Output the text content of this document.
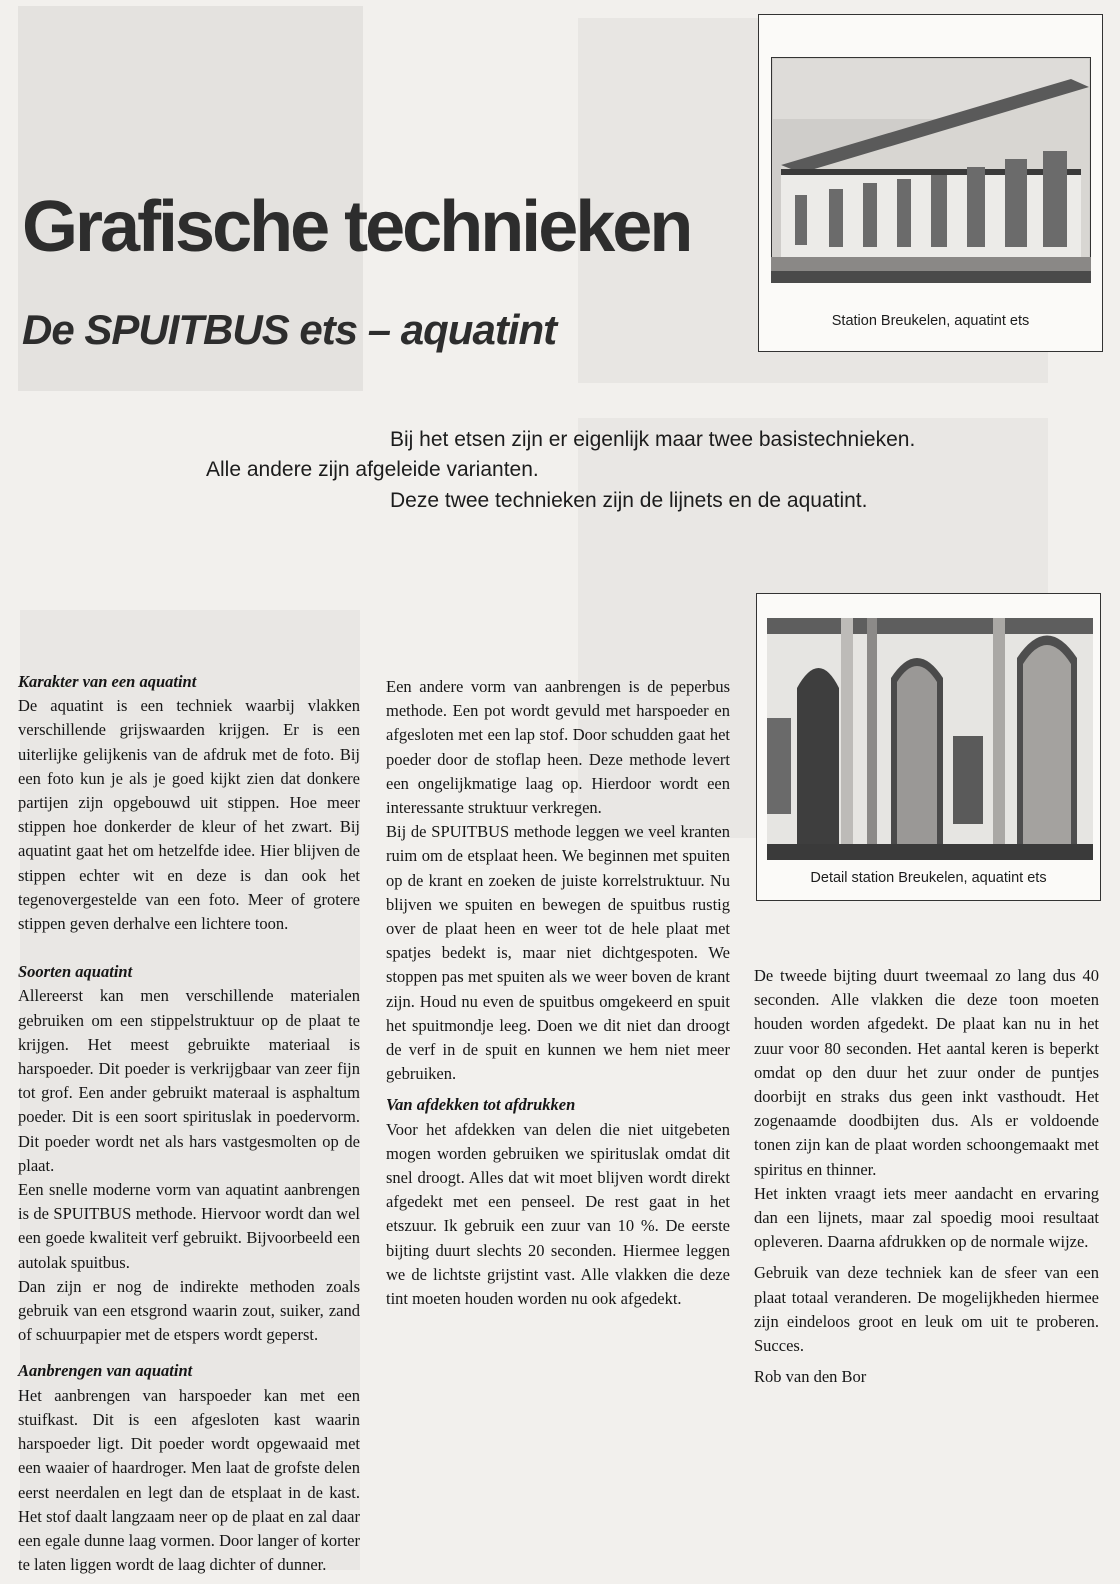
Grafische technieken
De SPUITBUS ets – aquatint

Bij het etsen zijn er eigenlijk maar twee basistechnieken.

Alle andere zijn afgeleide varianten.

Deze twee technieken zijn de lijnets en de aquatint.

Station Breukelen, aquatint ets
Detail station Breukelen, aquatint ets
Karakter van een aquatint

De aquatint is een techniek waarbij vlakken verschillende grijswaarden krijgen. Er is een uiterlijke gelijkenis van de afdruk met de foto. Bij een foto kun je als je goed kijkt zien dat donkere partijen zijn opgebouwd uit stippen. Hoe meer stippen hoe donkerder de kleur of het zwart. Bij aquatint gaat het om hetzelfde idee. Hier blijven de stippen echter wit en deze is dan ook het tegenovergestelde van een foto. Meer of grotere stippen geven derhalve een lichtere toon.

Soorten aquatint

Allereerst kan men verschillende materialen gebruiken om een stippelstruktuur op de plaat te krijgen. Het meest gebruikte materiaal is harspoeder. Dit poeder is verkrijgbaar van zeer fijn tot grof. Een ander gebruikt materaal is asphaltum poeder. Dit is een soort spirituslak in poedervorm. Dit poeder wordt net als hars vastgesmolten op de plaat.

Een snelle moderne vorm van aquatint aanbrengen is de SPUITBUS methode. Hiervoor wordt dan wel een goede kwaliteit verf gebruikt. Bijvoorbeeld een autolak spuitbus.

Dan zijn er nog de indirekte methoden zoals gebruik van een etsgrond waarin zout, suiker, zand of schuurpapier met de etspers wordt geperst.

Aanbrengen van aquatint

Het aanbrengen van harspoeder kan met een stuifkast. Dit is een afgesloten kast waarin harspoeder ligt. Dit poeder wordt opgewaaid met een waaier of haardroger. Men laat de grofste delen eerst neerdalen en legt dan de etsplaat in de kast. Het stof daalt langzaam neer op de plaat en zal daar een egale dunne laag vormen. Door langer of korter te laten liggen wordt de laag dichter of dunner.

Een andere vorm van aanbrengen is de peperbus methode. Een pot wordt gevuld met harspoeder en afgesloten met een lap stof. Door schudden gaat het poeder door de stoflap heen. Deze methode levert een ongelijkmatige laag op. Hierdoor wordt een interessante struktuur verkregen.

Bij de SPUITBUS methode leggen we veel kranten ruim om de etsplaat heen. We beginnen met spuiten op de krant en zoeken de juiste korrelstruktuur. Nu blijven we spuiten en bewegen de spuitbus rustig over de plaat heen en weer tot de hele plaat met spatjes bedekt is, maar niet dichtgespoten. We stoppen pas met spuiten als we weer boven de krant zijn. Houd nu even de spuitbus omgekeerd en spuit het spuitmondje leeg. Doen we dit niet dan droogt de verf in de spuit en kunnen we hem niet meer gebruiken.

Van afdekken tot afdrukken

Voor het afdekken van delen die niet uitgebeten mogen worden gebruiken we spirituslak omdat dit snel droogt. Alles dat wit moet blijven wordt direkt afgedekt met een penseel. De rest gaat in het etszuur. Ik gebruik een zuur van 10 %. De eerste bijting duurt slechts 20 seconden. Hiermee leggen we de lichtste grijstint vast. Alle vlakken die deze tint moeten houden worden nu ook afgedekt.

De tweede bijting duurt tweemaal zo lang dus 40 seconden. Alle vlakken die deze toon moeten houden worden afgedekt. De plaat kan nu in het zuur voor 80 seconden. Het aantal keren is beperkt omdat op den duur het zuur onder de puntjes doorbijt en straks dus geen inkt vasthoudt. Het zogenaamde doodbijten dus. Als er voldoende tonen zijn kan de plaat worden schoongemaakt met spiritus en thinner.

Het inkten vraagt iets meer aandacht en ervaring dan een lijnets, maar zal spoedig mooi resultaat opleveren. Daarna afdrukken op de normale wijze.

Gebruik van deze techniek kan de sfeer van een plaat totaal veranderen. De mogelijkheden hiermee zijn eindeloos groot en leuk om uit te proberen. Succes.

Rob van den Bor
